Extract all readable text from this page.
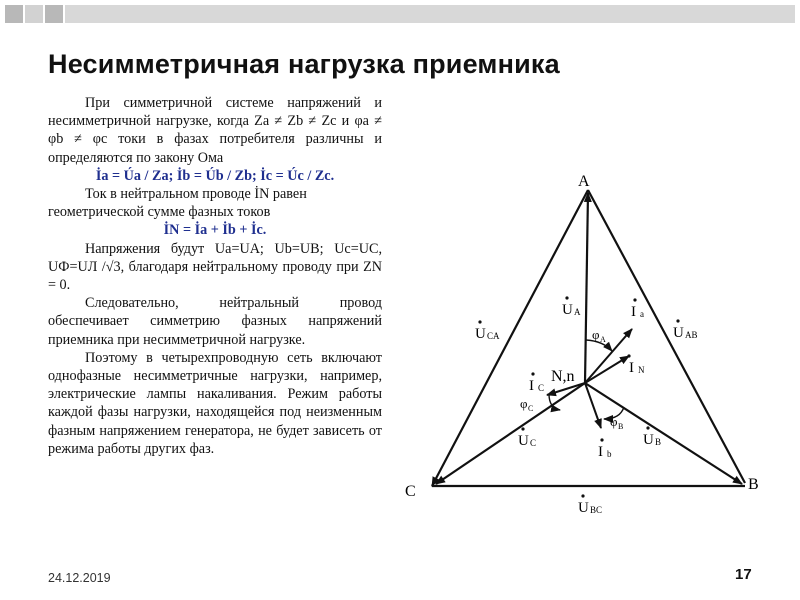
Несимметричная нагрузка приемника

При симметричной системе напряжений и несимметричной нагрузке, когда Za ≠ Zb ≠ Zc и φa ≠ φb ≠ φc токи в фазах потребителя различны и определяются по закону Ома

İa = Úa / Za; İb = Úb / Zb; İc = Úc / Zc.

Ток в нейтральном проводе İN равен геометрической сумме фазных токов

İN = İa + İb + İc.

Напряжения будут Ua=UA; Ub=UB; Uc=UC, UФ=UЛ /√3, благодаря нейтральному проводу при ZN = 0.

Следовательно, нейтральный провод обеспечивает симметрию фазных напряжений приемника при несимметричной нагрузке.

Поэтому в четырехпроводную сеть включают однофазные несимметричные нагрузки, например, электрические лампы накаливания. Режим работы каждой фазы нагрузки, находящейся под неизменным фазным напряжением генератора, не будет зависеть от режима работы других фаз.

24.12.2019	17
A
B
C
N,n
U CA	U AB
U BC
U A
U B
U C
I a
I b
I C
I N
φ A
φ B
φ C
